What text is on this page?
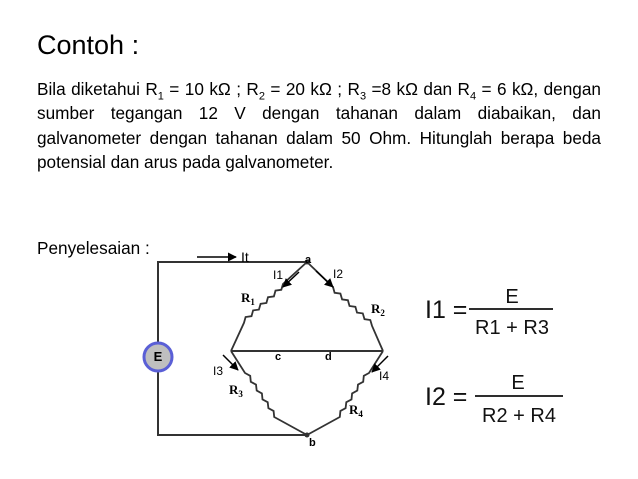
Contoh :
Bila diketahui $R_1 = 10$ kΩ ; $R_2 = 20$ kΩ ; $R_3 =8$ kΩ dan $R_4 = 6$ kΩ, dengan sumber tegangan 12 V dengan tahanan dalam diabaikan, dan galvanometer dengan tahanan dalam 50 Ohm. Hitunglah berapa beda potensial dan arus pada galvanometer.
Penyelesaian :
E
It	a
b
c	d
I1	I2
I3	I4
$R_1$	$R_2$
$R_3$
$R_4$
I1 = E
R1 + R3
I2 = E
R2 + R4
